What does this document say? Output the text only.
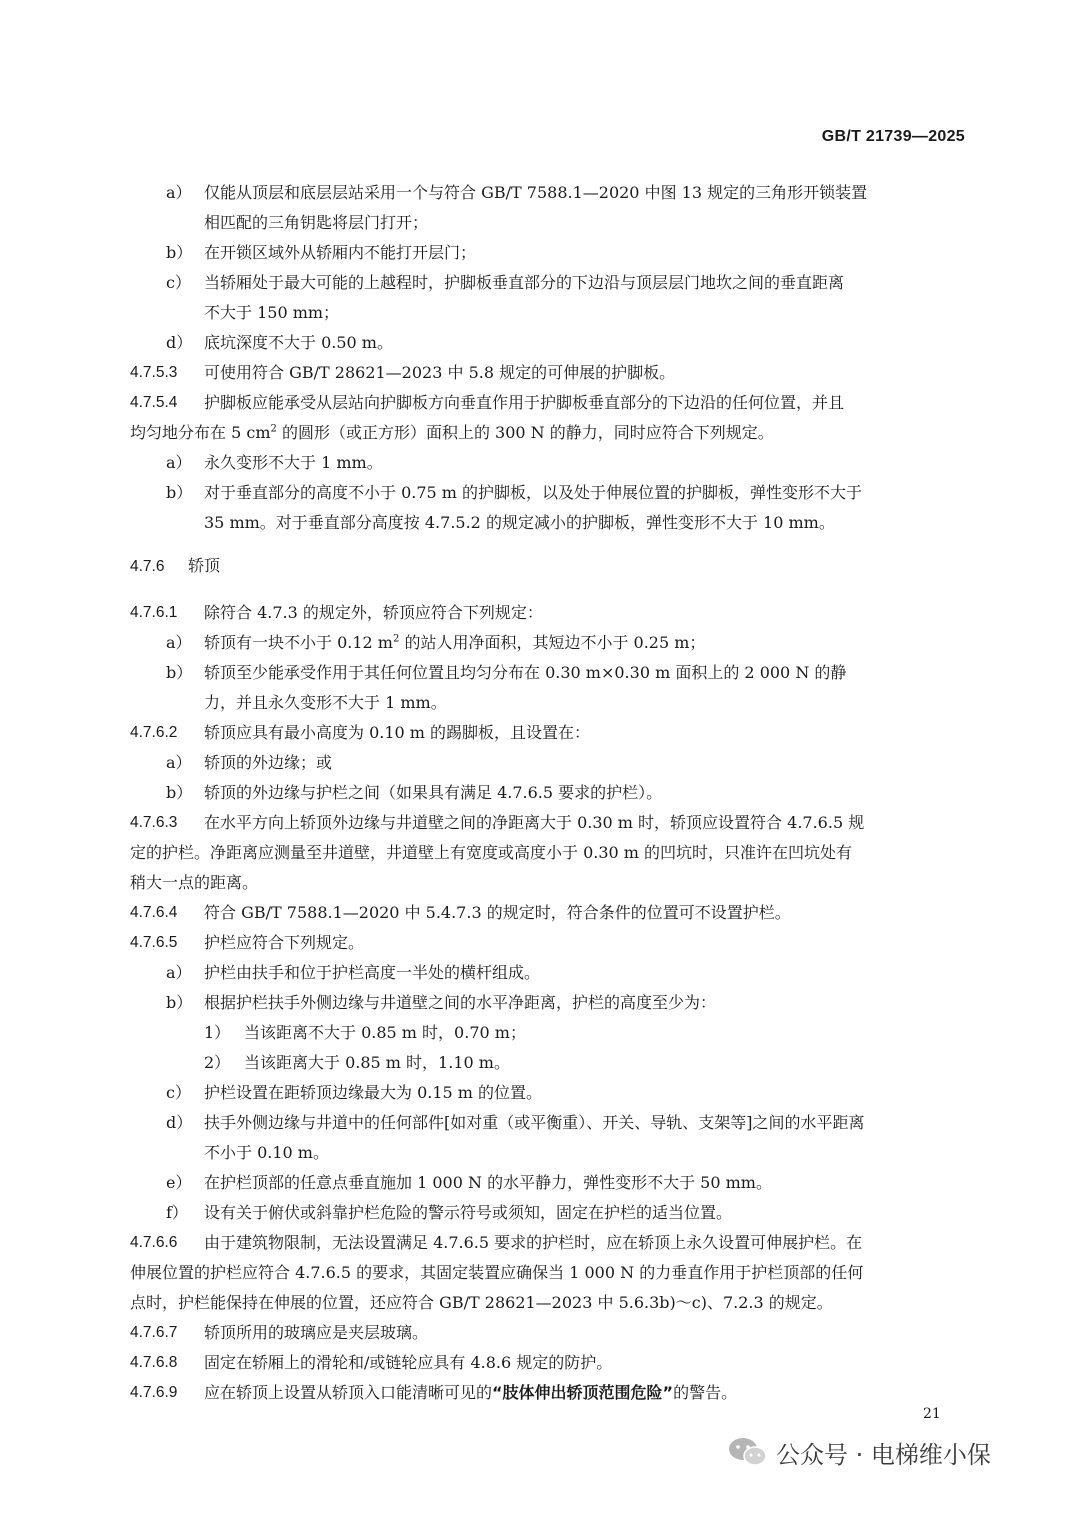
GB/T 21739—2025
a） 仅能从顶层和底层层站采用一个与符合 GB/T 7588.1—2020 中图 13 规定的三角形开锁装置
相匹配的三角钥匙将层门打开；
b） 在开锁区域外从轿厢内不能打开层门；
c） 当轿厢处于最大可能的上越程时，护脚板垂直部分的下边沿与顶层层门地坎之间的垂直距离
不大于 150 mm；
d） 底坑深度不大于 0.50 m。
4.7.5.3 可使用符合 GB/T 28621—2023 中 5.8 规定的可伸展的护脚板。
4.7.5.4 护脚板应能承受从层站向护脚板方向垂直作用于护脚板垂直部分的下边沿的任何位置，并且
均匀地分布在 5 $cm^2$ 的圆形（或正方形）面积上的 300 N 的静力，同时应符合下列规定。
a） 永久变形不大于 1 mm。
b） 对于垂直部分的高度不小于 0.75 m 的护脚板，以及处于伸展位置的护脚板，弹性变形不大于
35 mm。对于垂直部分高度按 4.7.5.2 的规定减小的护脚板，弹性变形不大于 10 mm。
4.7.6 轿顶
4.7.6.1 除符合 4.7.3 的规定外，轿顶应符合下列规定：
a） 轿顶有一块不小于 0.12 $m^2$ 的站人用净面积，其短边不小于 0.25 m；
b） 轿顶至少能承受作用于其任何位置且均匀分布在 0.30 m×0.30 m 面积上的 2 000 N 的静
力，并且永久变形不大于 1 mm。
4.7.6.2 轿顶应具有最小高度为 0.10 m 的踢脚板，且设置在：
a） 轿顶的外边缘；或
b） 轿顶的外边缘与护栏之间（如果具有满足 4.7.6.5 要求的护栏）。
4.7.6.3 在水平方向上轿顶外边缘与井道壁之间的净距离大于 0.30 m 时，轿顶应设置符合 4.7.6.5 规
定的护栏。净距离应测量至井道壁，井道壁上有宽度或高度小于 0.30 m 的凹坑时，只准许在凹坑处有
稍大一点的距离。
4.7.6.4 符合 GB/T 7588.1—2020 中 5.4.7.3 的规定时，符合条件的位置可不设置护栏。
4.7.6.5 护栏应符合下列规定。
a） 护栏由扶手和位于护栏高度一半处的横杆组成。
b） 根据护栏扶手外侧边缘与井道壁之间的水平净距离，护栏的高度至少为：
1） 当该距离不大于 0.85 m 时，0.70 m；
2） 当该距离大于 0.85 m 时，1.10 m。
c） 护栏设置在距轿顶边缘最大为 0.15 m 的位置。
d） 扶手外侧边缘与井道中的任何部件[如对重（或平衡重）、开关、导轨、支架等]之间的水平距离
不小于 0.10 m。
e） 在护栏顶部的任意点垂直施加 1 000 N 的水平静力，弹性变形不大于 50 mm。
f） 设有关于俯伏或斜靠护栏危险的警示符号或须知，固定在护栏的适当位置。
4.7.6.6 由于建筑物限制，无法设置满足 4.7.6.5 要求的护栏时，应在轿顶上永久设置可伸展护栏。在
伸展位置的护栏应符合 4.7.6.5 的要求，其固定装置应确保当 1 000 N 的力垂直作用于护栏顶部的任何
点时，护栏能保持在伸展的位置，还应符合 GB/T 28621—2023 中 5.6.3b)～c)、7.2.3 的规定。
4.7.6.7 轿顶所用的玻璃应是夹层玻璃。
4.7.6.8 固定在轿厢上的滑轮和/或链轮应具有 4.8.6 规定的防护。
4.7.6.9 应在轿顶上设置从轿顶入口能清晰可见的“肢体伸出轿顶范围危险”的警告。
21
公众号 · 电梯维小保
